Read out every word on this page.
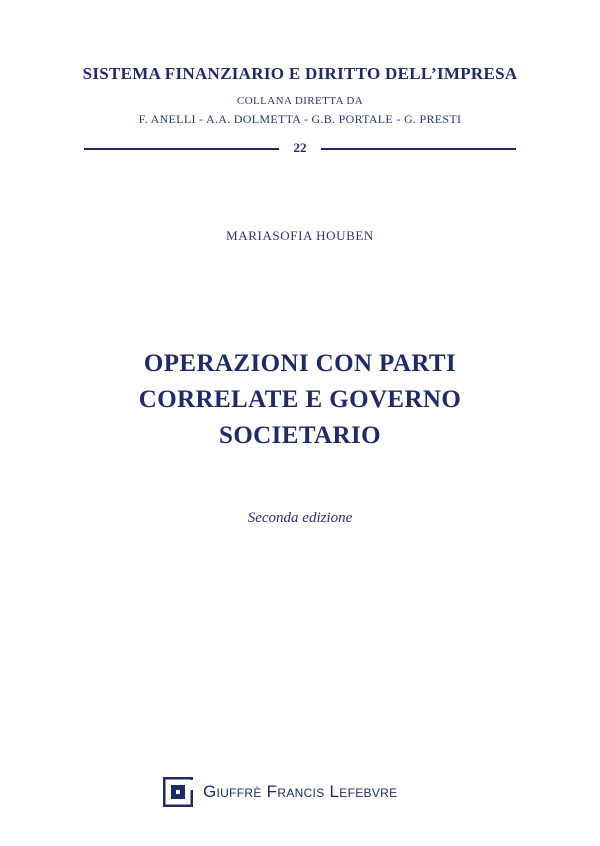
SISTEMA FINANZIARIO E DIRITTO DELL’IMPRESA
COLLANA DIRETTA DA
F. ANELLI - A.A. DOLMETTA - G.B. PORTALE - G. PRESTI
22
MARIASOFIA HOUBEN
OPERAZIONI CON PARTI
CORRELATE E GOVERNO
SOCIETARIO
Seconda edizione
Giuffrè Francis Lefebvre
